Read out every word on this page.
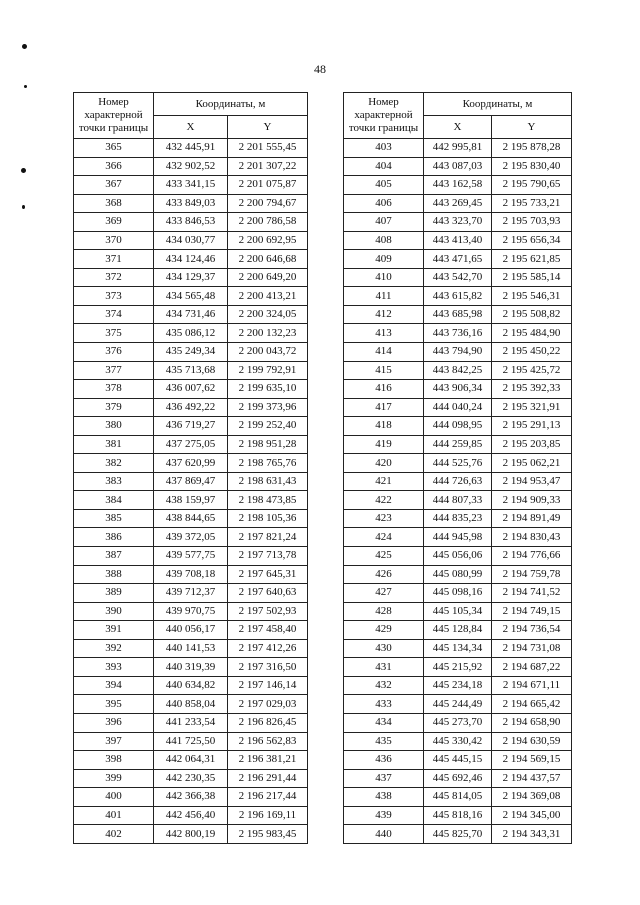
48
Номер характерной точки границы	Координаты, м	
	X	Y
365	432 445,91	2 201 555,45
366	432 902,52	2 201 307,22
367	433 341,15	2 201 075,87
368	433 849,03	2 200 794,67
369	433 846,53	2 200 786,58
370	434 030,77	2 200 692,95
371	434 124,46	2 200 646,68
372	434 129,37	2 200 649,20
373	434 565,48	2 200 413,21
374	434 731,46	2 200 324,05
375	435 086,12	2 200 132,23
376	435 249,34	2 200 043,72
377	435 713,68	2 199 792,91
378	436 007,62	2 199 635,10
379	436 492,22	2 199 373,96
380	436 719,27	2 199 252,40
381	437 275,05	2 198 951,28
382	437 620,99	2 198 765,76
383	437 869,47	2 198 631,43
384	438 159,97	2 198 473,85
385	438 844,65	2 198 105,36
386	439 372,05	2 197 821,24
387	439 577,75	2 197 713,78
388	439 708,18	2 197 645,31
389	439 712,37	2 197 640,63
390	439 970,75	2 197 502,93
391	440 056,17	2 197 458,40
392	440 141,53	2 197 412,26
393	440 319,39	2 197 316,50
394	440 634,82	2 197 146,14
395	440 858,04	2 197 029,03
396	441 233,54	2 196 826,45
397	441 725,50	2 196 562,83
398	442 064,31	2 196 381,21
399	442 230,35	2 196 291,44
400	442 366,38	2 196 217,44
401	442 456,40	2 196 169,11
402	442 800,19	2 195 983,45
Номер характерной точки границы	Координаты, м	
	X	Y
403	442 995,81	2 195 878,28
404	443 087,03	2 195 830,40
405	443 162,58	2 195 790,65
406	443 269,45	2 195 733,21
407	443 323,70	2 195 703,93
408	443 413,40	2 195 656,34
409	443 471,65	2 195 621,85
410	443 542,70	2 195 585,14
411	443 615,82	2 195 546,31
412	443 685,98	2 195 508,82
413	443 736,16	2 195 484,90
414	443 794,90	2 195 450,22
415	443 842,25	2 195 425,72
416	443 906,34	2 195 392,33
417	444 040,24	2 195 321,91
418	444 098,95	2 195 291,13
419	444 259,85	2 195 203,85
420	444 525,76	2 195 062,21
421	444 726,63	2 194 953,47
422	444 807,33	2 194 909,33
423	444 835,23	2 194 891,49
424	444 945,98	2 194 830,43
425	445 056,06	2 194 776,66
426	445 080,99	2 194 759,78
427	445 098,16	2 194 741,52
428	445 105,34	2 194 749,15
429	445 128,84	2 194 736,54
430	445 134,34	2 194 731,08
431	445 215,92	2 194 687,22
432	445 234,18	2 194 671,11
433	445 244,49	2 194 665,42
434	445 273,70	2 194 658,90
435	445 330,42	2 194 630,59
436	445 445,15	2 194 569,15
437	445 692,46	2 194 437,57
438	445 814,05	2 194 369,08
439	445 818,16	2 194 345,00
440	445 825,70	2 194 343,31
